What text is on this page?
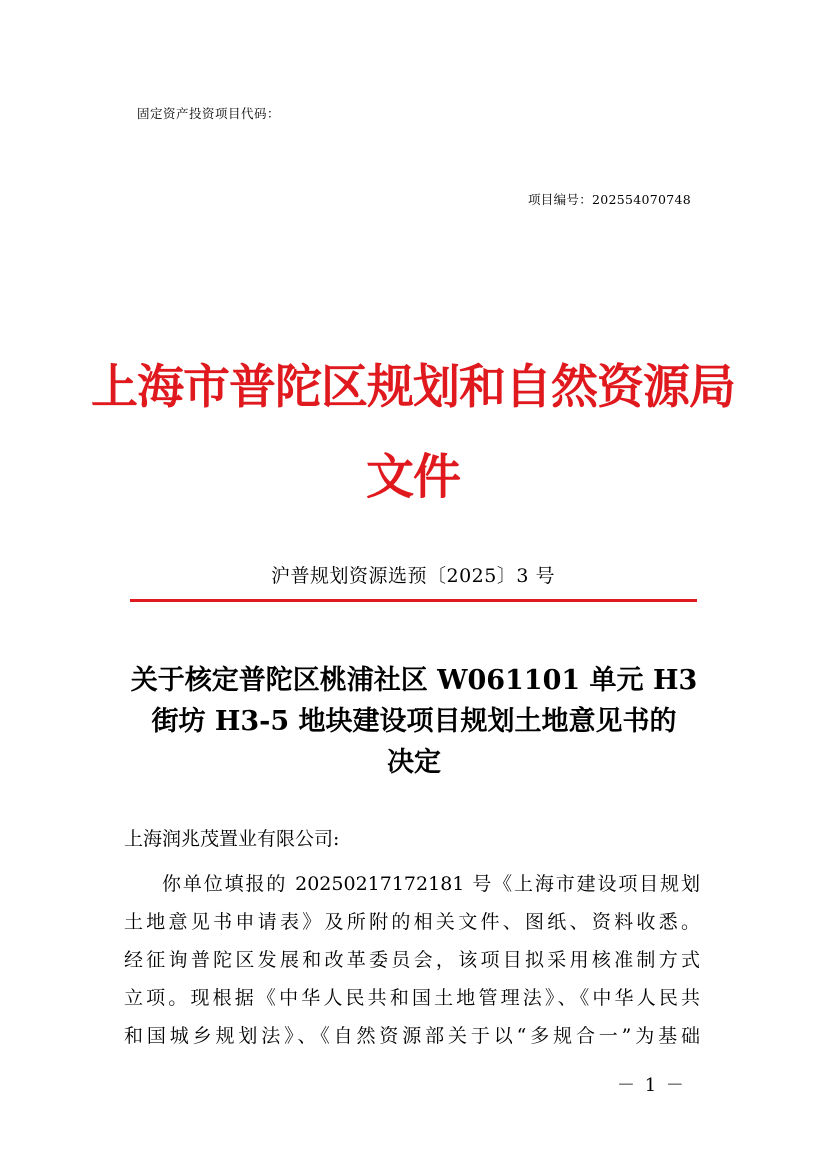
固定资产投资项目代码：
项目编号：202554070748
上海市普陀区规划和自然资源局
文件
沪普规划资源选预〔2025〕3 号
关于核定普陀区桃浦社区 W061101 单元 H3
街坊 H3-5 地块建设项目规划土地意见书的
决定
上海润兆茂置业有限公司:
你单位填报的 20250217172181 号《上海市建设项目规划
土地意见书申请表》及所附的相关文件、图纸、资料收悉。
经征询普陀区发展和改革委员会，该项目拟采用核准制方式
立项。现根据《中华人民共和国土地管理法》、《中华人民共
和国城乡规划法》、《自然资源部关于以“多规合一”为基础
－ 1 －
